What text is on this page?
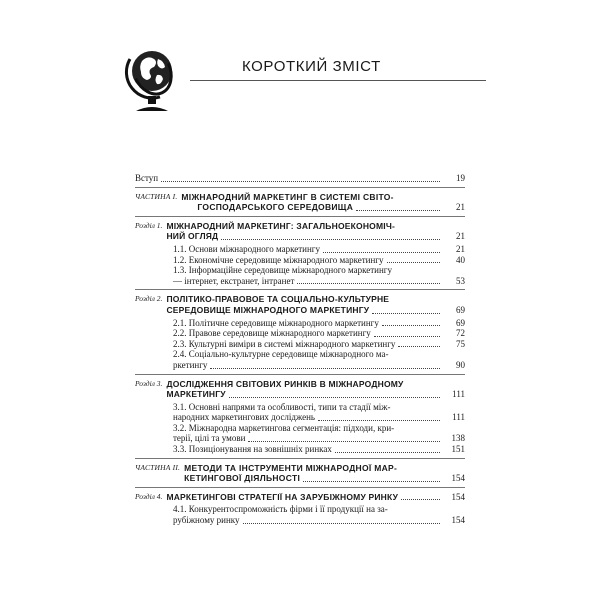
КОРОТКИЙ ЗМІСТ
Вступ	19
ЧАСТИНА І. МІЖНАРОДНИЙ МАРКЕТИНГ В СИСТЕМІ СВІТО-
ГОСПОДАРСЬКОГО СЕРЕДОВИЩА	21
Розділ 1. МІЖНАРОДНИЙ МАРКЕТИНГ: ЗАГАЛЬНОЕКОНОМІЧ-
НИЙ ОГЛЯД	21
1.1. Основи міжнародного маркетингу	21
1.2. Економічне середовище міжнародного маркетингу	40
1.3. Інформаційне середовище міжнародного маркетингу
— інтернет, екстранет, інтранет	53
Розділ 2. ПОЛІТИКО-ПРАВОВОЕ ТА СОЦІАЛЬНО-КУЛЬТУРНЕ
СЕРЕДОВИЩЕ МІЖНАРОДНОГО МАРКЕТИНГУ	69
2.1. Політичне середовище міжнародного маркетингу	69
2.2. Правове середовище міжнародного маркетингу	72
2.3. Культурні виміри в системі міжнародного маркетингу	75
2.4. Соціально-культурне середовище міжнародного ма-
ркетингу	90
Розділ 3. ДОСЛІДЖЕННЯ СВІТОВИХ РИНКІВ В МІЖНАРОДНОМУ
МАРКЕТИНГУ	111
3.1. Основні напрями та особливості, типи та стадії між-
народних маркетингових досліджень	111
3.2. Міжнародна маркетингова сегментація: підходи, кри-
терії, цілі та умови	138
3.3. Позиціонування на зовнішніх ринках	151
ЧАСТИНА ІІ. МЕТОДИ ТА ІНСТРУМЕНТИ МІЖНАРОДНОЇ МАР-
КЕТИНГОВОЇ ДІЯЛЬНОСТІ	154
Розділ 4. МАРКЕТИНГОВІ СТРАТЕГІЇ НА ЗАРУБІЖНОМУ РИНКУ	154
4.1. Конкурентоспроможність фірми і її продукції на за-
рубіжному ринку	154
